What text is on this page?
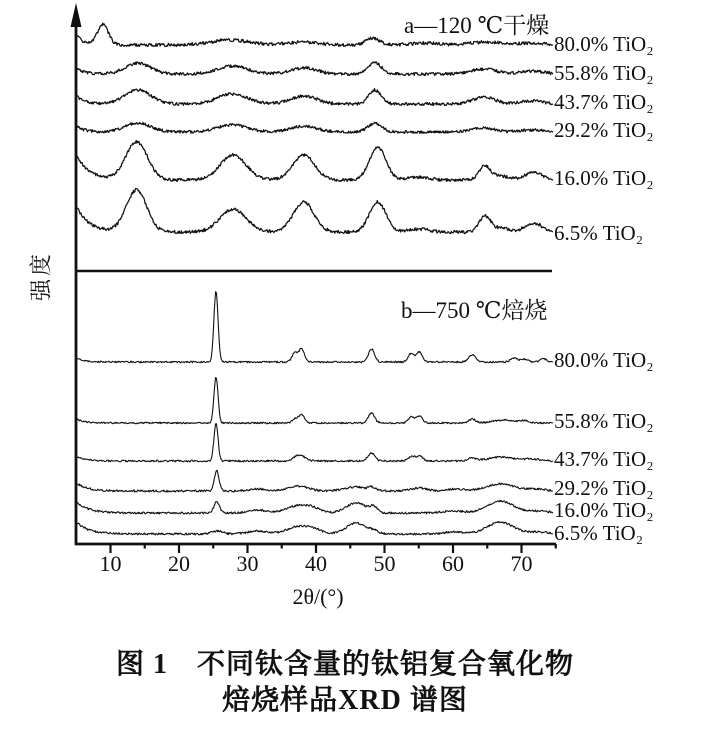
a—120 ℃干燥
b—750 ℃焙烧
强度
2θ/(°)
80.0% TiO₂
55.8% TiO₂
43.7% TiO₂
29.2% TiO₂
16.0% TiO₂
6.5% TiO₂
80.0% TiO₂
55.8% TiO₂
43.7% TiO₂
29.2% TiO₂
16.0% TiO₂
6.5% TiO₂
10	20	30	40	50	60	70
图 1　不同钛含量的钛铝复合氧化物
焙烧样品XRD 谱图
